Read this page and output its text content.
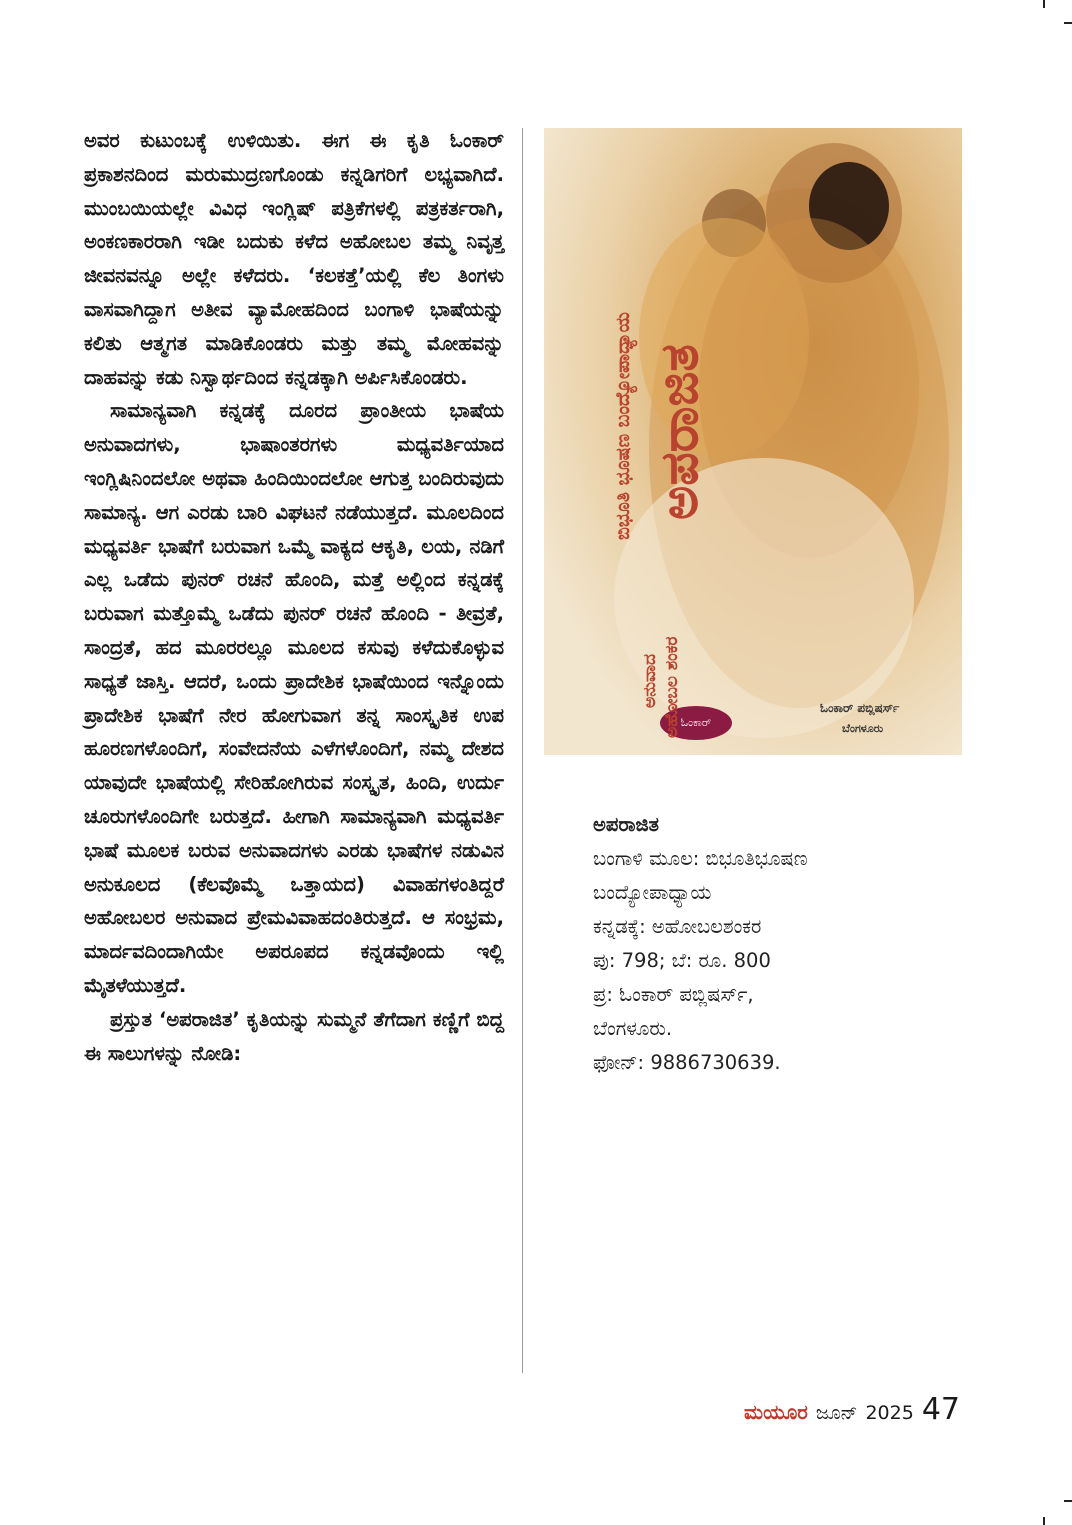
ಅವರ ಕುಟುಂಬಕ್ಕೆ ಉಳಿಯಿತು. ಈಗ ಈ ಕೃತಿ ಓಂಕಾರ್ ಪ್ರಕಾಶನದಿಂದ ಮರುಮುದ್ರಣಗೊಂಡು ಕನ್ನಡಿಗರಿಗೆ ಲಭ್ಯವಾಗಿದೆ. ಮುಂಬಯಿಯಲ್ಲೇ ವಿವಿಧ ಇಂಗ್ಲಿಷ್ ಪತ್ರಿಕೆಗಳಲ್ಲಿ ಪತ್ರಕರ್ತರಾಗಿ, ಅಂಕಣಕಾರರಾಗಿ ಇಡೀ ಬದುಕು ಕಳೆದ ಅಹೋಬಲ ತಮ್ಮ ನಿವೃತ್ತ ಜೀವನವನ್ನೂ ಅಲ್ಲೇ ಕಳೆದರು. ‘ಕಲಕತ್ತೆ’ಯಲ್ಲಿ ಕೆಲ ತಿಂಗಳು ವಾಸವಾಗಿದ್ದಾಗ ಅತೀವ ವ್ಯಾಮೋಹದಿಂದ ಬಂಗಾಳಿ ಭಾಷೆಯನ್ನು ಕಲಿತು ಆತ್ಮಗತ ಮಾಡಿಕೊಂಡರು ಮತ್ತು ತಮ್ಮ ಮೋಹವನ್ನು ದಾಹವನ್ನು ಕಡು ನಿಸ್ವಾರ್ಥದಿಂದ ಕನ್ನಡಕ್ಕಾಗಿ ಅರ್ಪಿಸಿಕೊಂಡರು.

ಸಾಮಾನ್ಯವಾಗಿ ಕನ್ನಡಕ್ಕೆ ದೂರದ ಪ್ರಾಂತೀಯ ಭಾಷೆಯ ಅನುವಾದಗಳು, ಭಾಷಾಂತರಗಳು ಮಧ್ಯವರ್ತಿಯಾದ ಇಂಗ್ಲಿಷಿನಿಂದಲೋ ಅಥವಾ ಹಿಂದಿಯಿಂದಲೋ ಆಗುತ್ತ ಬಂದಿರುವುದು ಸಾಮಾನ್ಯ. ಆಗ ಎರಡು ಬಾರಿ ವಿಘಟನೆ ನಡೆಯುತ್ತದೆ. ಮೂಲದಿಂದ ಮಧ್ಯವರ್ತಿ ಭಾಷೆಗೆ ಬರುವಾಗ ಒಮ್ಮೆ ವಾಕ್ಯದ ಆಕೃತಿ, ಲಯ, ನಡಿಗೆ ಎಲ್ಲ ಒಡೆದು ಪುನರ್ ರಚನೆ ಹೊಂದಿ, ಮತ್ತೆ ಅಲ್ಲಿಂದ ಕನ್ನಡಕ್ಕೆ ಬರುವಾಗ ಮತ್ತೊಮ್ಮೆ ಒಡೆದು ಪುನರ್ ರಚನೆ ಹೊಂದಿ - ತೀವ್ರತೆ, ಸಾಂದ್ರತೆ, ಹದ ಮೂರರಲ್ಲೂ ಮೂಲದ ಕಸುವು ಕಳೆದುಕೊಳ್ಳುವ ಸಾಧ್ಯತೆ ಜಾಸ್ತಿ. ಆದರೆ, ಒಂದು ಪ್ರಾದೇಶಿಕ ಭಾಷೆಯಿಂದ ಇನ್ನೊಂದು ಪ್ರಾದೇಶಿಕ ಭಾಷೆಗೆ ನೇರ ಹೋಗುವಾಗ ತನ್ನ ಸಾಂಸ್ಕೃತಿಕ ಉಪ ಹೂರಣಗಳೊಂದಿಗೆ, ಸಂವೇದನೆಯ ಎಳೆಗಳೊಂದಿಗೆ, ನಮ್ಮ ದೇಶದ ಯಾವುದೇ ಭಾಷೆಯಲ್ಲಿ ಸೇರಿಹೋಗಿರುವ ಸಂಸ್ಕೃತ, ಹಿಂದಿ, ಉರ್ದು ಚೂರುಗಳೊಂದಿಗೇ ಬರುತ್ತದೆ. ಹೀಗಾಗಿ ಸಾಮಾನ್ಯವಾಗಿ ಮಧ್ಯವರ್ತಿ ಭಾಷೆ ಮೂಲಕ ಬರುವ ಅನುವಾದಗಳು ಎರಡು ಭಾಷೆಗಳ ನಡುವಿನ ಅನುಕೂಲದ (ಕೆಲವೊಮ್ಮೆ ಒತ್ತಾಯದ) ವಿವಾಹಗಳಂತಿದ್ದರೆ ಅಹೋಬಲರ ಅನುವಾದ ಪ್ರೇಮವಿವಾಹದಂತಿರುತ್ತದೆ. ಆ ಸಂಭ್ರಮ, ಮಾರ್ದವದಿಂದಾಗಿಯೇ ಅಪರೂಪದ ಕನ್ನಡವೊಂದು ಇಲ್ಲಿ ಮೈತಳೆಯುತ್ತದೆ.

ಪ್ರಸ್ತುತ ‘ಅಪರಾಜಿತ’ ಕೃತಿಯನ್ನು ಸುಮ್ಮನೆ ತೆಗೆದಾಗ ಕಣ್ಣಿಗೆ ಬಿದ್ದ ಈ ಸಾಲುಗಳನ್ನು ನೋಡಿ:

ಓಂಕಾರ್
ಓಂಕಾರ್ ಪಬ್ಲಿಷರ್ಸ್
ಬೆಂಗಳೂರು
ಬಿಭೂತಿ ಭೂಷಣ ಬಂದ್ಯೋಪಾಧ್ಯಾಯ ಅಪರಾಜಿತ
ಅನುವಾದ ಅಹೋಬಲ ಶಂಕರ
ಅಪರಾಜಿತ
ಬಂಗಾಳಿ ಮೂಲ: ಬಿಭೂತಿಭೂಷಣ
ಬಂದ್ಯೋಪಾಧ್ಯಾಯ
ಕನ್ನಡಕ್ಕೆ: ಅಹೋಬಲಶಂಕರ
ಪು: 798; ಬೆ: ರೂ. 800
ಪ್ರ: ಓಂಕಾರ್ ಪಬ್ಲಿಷರ್ಸ್,
ಬೆಂಗಳೂರು.
ಫೋನ್: 9886730639.
ಮಯೂರ ಜೂನ್ 2025 47
